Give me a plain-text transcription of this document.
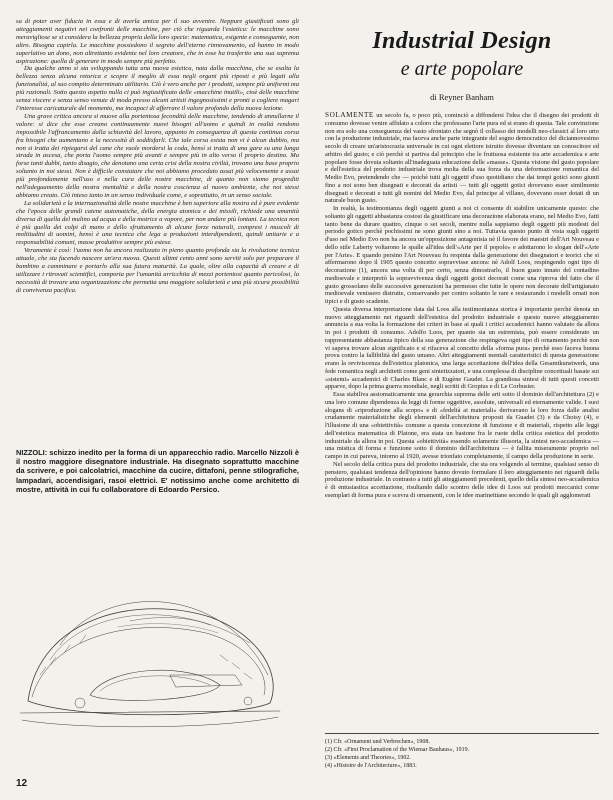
sa di poter aver fiducia in essa e di averla amica per il suo avvenire. Neppure giustificati sono gli atteggiamenti negativi nei confronti delle macchine, per ciò che riguarda l'estetica: le macchine sono meravigliose se si considera la bellezza propria della loro specie: matematica, esigente e conseguente, non altro. Bisogna capirla. Le macchine possiedono il segreto dell'eterno rinnovamento, ed hanno in modo superlativo un dono, non altrettanto evidente nel loro creatore, che in esse ha trasferito una sua suprema aspirazione: quella di generare in modo sempre più perfetto.

Da qualche anno si sta sviluppando tutta una nuova estetica, nata dalla macchina, che se esalta la bellezza senza alcuna retorica e scopre il meglio di essa negli organi più riposti e più legati alla funzionalità, al suo compito determinato utilitario. Ciò è vero anche per i prodotti, sempre più uniformi ma più razionali. Sotto questo aspetto nulla ci può ingiustificato delle «macchine inutili», cioè delle macchine senza viscere e senza senso venute di moda presso alcuni artisti ingegnosissimi e pronti a cogliere magari l'interesse caricaturale del momento, ma incapaci di afferrare il valore profondo della nuova lezione.

Una grave critica ancora si muove alla portentosa fecondità delle macchine, tendendo di annullarne il valore: si dice che esse creano continuamente nuovi bisogni all'uomo e quindi in realtà rendono impossibile l'affrancamento dalla schiavitù del lavoro, appunto in conseguenza di questa continua corsa fra bisogni che aumentano e la necessità di soddisfarli. Che tale corsa esista non vi è alcun dubbio, ma non si tratta dei ripiegarsi del cane che vuole mordersi la coda, bensì si tratta di una gara su una lunga strada in ascesa, che porta l'uomo sempre più avanti e sempre più in alto verso il proprio destino. Ma forse tanti dubbi, tanto disagio, che denotano una certa crisi della nostra civiltà, trovano una base proprio soltanto in noi stessi. Non è difficile constatare che noi abbiamo proceduto assai più velocemente e assai più profondamente nell'uso e nella cura delle nostre macchine, di quanto non siamo progrediti nell'adeguamento della nostra mentalità e della nostra coscienza al nuovo ambiente, che noi stessi abbiamo creato. Ciò inteso tanto in un senso individuale come, e soprattutto, in un senso sociale.

La solidarietà e la internazionalità delle nostre macchine è ben superiore alla nostra ed è pure evidente che l'epoca delle grandi catene automatiche, della energia atomica e dei missili, richiede una umanità diversa di quella del mulino ad acqua e della motrice a vapore, per non andare più lontani. La tecnica non è più quella dei colpi di mano e dello sfruttamento di alcune forze naturali, compresi i muscoli di moltitudini di uomini, bensì è una tecnica che lega a produzioni interdipendenti, quindi unitarie e a responsabilità comuni, masse produttive sempre più estese.

Veramente è così: l'uomo non ha ancora realizzato in pieno quanto profonda sia la rivoluzione tecnica attuale, che sta facendo nascere un'era nuova. Questi ultimi cento anni sono serviti solo per preparare il bambino a camminare e portarlo alla sua futura maturità. La quale, oltre alla capacità di creare e di utilizzare i ritrovati scientifici, comporta per l'umanità arricchita di mezzi portentosi quanto pericolosi, la necessità di trovare una organizzazione che permetta una maggiore solidarietà e una più sicura possibilità di convivenza pacifica.

NIZZOLI: schizzo inedito per la forma di un apparecchio radio. Marcello Nizzoli è il nostro maggiore disegnatore industriale. Ha disegnato soprattutto macchine da scrivere, e poi calcolatrici, macchine da cucire, dittafoni, penne stilografiche, lampadari, accendisigari, rasoi elettrici. E' notissimo anche come architetto di mostre, attività in cui fu collaboratore di Edoardo Persico.
12
Industrial Design
e arte popolare
di Reyner Banham

SOLAMENTE un secolo fa, o poco più, cominciò a diffondersi l'idea che il disegno dei prodotti di consumo dovesse venire affidato a coloro che professano l'arte pura ed si erano di questa. Tale convinzione non era solo una conseguenza del vasto sfrontato che segnò il collasso dei modelli neo-classici al loro urto con la produzione industriale, ma faceva anche parte integrante del sogno democratico del diciannovesimo secolo di creare un'aristocrazia universale in cui ogni elettore istruito dovesse diventare un conoscitore ed arbitro del gusto; e ciò perchè si partiva dal principio che le fruttuosa esistente tra arte accademica e arte popolare fosse dovuta soltanto all'inadeguata educazione delle «masse». Questa visione del gusto popolare e dell'estetica del prodotto industriale trova molta della sua forza da una deformazione romantica del Medio Evo, pretendendo che — poichè tutti gli oggetti d'uso quotidiano che dai tempi gotici sono giunti fino a noi sono ben disegnati e decorati da artisti — tutti gli oggetti gotici dovevano esser similmente disegnati e decorati e tutti gli nomini del Medio Evo, dal principe al villano, dovevano esser dotati di un naturale buon gusto.

In realtà, la testimonianza degli oggetti giunti a noi ci consente di stabilire unicamente questo: che soltanto gli oggetti abbastanza costosi da giustificare una decorazione elaborata erano, nel Medio Evo, fatti tanto bene da durare quattro, cinque o sei secoli, mentre nulla sappiamo degli oggetti più modesti del periodo gotico perchè pochissimi ne sono giunti sino a noi. Tuttavia questo punto di vista sugli oggetti d'uso nel Medio Evo non ha ancora un'opposizione antagonista nè il favore dei maestri dell'Art Nouveau e dello stile Laberty voltarono le spalle all'idea dell'«Arte per il popolo» e adottarono lo slogan dell'«Arte per l'Arte». E quando persino l'Art Nouveau fu respinta dalla generazione dei disegnatori e teorici che si affermarono dopo il 1905 questo concetto sopravvisse ancora: nè Adolf Loos, respingendo ogni tipo di decorazione (1), ancora una volta di per certo, senza dimostrarlo, il buon gusto innato del contadino medioevale e interpretò la sopravvivenza degli oggetti gotici decorati come una riprova del fatto che il gusto grossolano delle successive generazioni ha permesso che tutte le opere non decorate dell'artigianato medioevale venissero distrutte, conservando per contro soltanto le rare e restaurando i modelli ornati non tipici e di gusto scadente.

Questa diversa interpretazione data dal Loos alla testimonianza storica è importante perchè denota un nuovo atteggiamento nei riguardi dell'estetica del prodotto industriale e questo nuovo atteggiamento annuncia a sua volta la formazione dei criteri in base ai quali i critici accademici hanno valutato da allora in poi i prodotti di consumo. Adolfo Loos, per quanto sia un estremista, può essere considerato un rappresentante abbastanza tipico della sua generazione che respingeva ogni tipo di ornamento perchè non vi sapeva trovare alcun significato e si rifaceva al concetto della «forma pura» perchè esso faceva buona prova contro la fallibilità del gusto umano. Altri atteggiamenti mentali caratteristici di questa generazione erano la reviviscenza dell'estetica platonica, una larga accettazione dell'idea della Gesamtkunstwerk, una fede romantica negli architetti come geni sintetizzatori, e una complessa di discipline concettuali basate sui «sistemi» accademici di Charles Blanc e di Eugène Gaudet. La grandiosa sintesi di tutti questi concetti apparve, dopo la prima guerra mondiale, negli scritti di Gropius e di Le Corbusier.

Essa stabiliva assiomaticamente una gerarchia suprema delle arti sotto il dominio dell'architettura (2) e una loro comune dipendenza da leggi di forme oggettive, assolute, universali ed eternamente valide. I suoi slogans di «riproduzione alla scopo» e di «fedeltà ai materiali» derivavano la loro forza dalle analisi crudamente materialistiche degli elementi dell'architettura proposti da Guadet (3) e da Choisy (4), e l'illusione di una «obiettività» comune a questa concezione di funzione e di materiali, rispetto alle leggi dell'estetica matematica di Platone, era stata un bastone fra le ruote della critica estetica del prodotto industriale da allora in poi. Questa «obiettività» essendo solamente illusoria, la sintesi neo-accademica — una mistica di forma e funzione sotto il dominio dell'architettura — è fallita miseramente proprio nel campo in cui pareva, intorno al 1920, avesse trionfato completamente, il campo della produzione in serie.

Nel secolo della critica pura del prodotto industriale, che sta ora volgendo al termine, qualsiasi senso di pensiero, qualsiasi tendenza dell'opinione hanno dovuto formulare il loro atteggiamento nei riguardi della produzione industriale. In contrasto a tutti gli atteggiamenti precedenti, quello della sintesi neo-accademica è di entusiastica accettazione, risultando dallo scontro delle idee di Loos sui prodotti meccanici come esemplari di forma pura e scevra di ornamenti, con le idee marinettiane secondo le quali gli agglomerati

(1) Cfr. «Ornament und Verbrechen», 1908.
(2) Cfr. «First Proclamation of the Wiemar Bauhaus», 1919.
(3) «Elements and Theories», 1902.
(4) «Histoire de l'Architecture», 1883.
